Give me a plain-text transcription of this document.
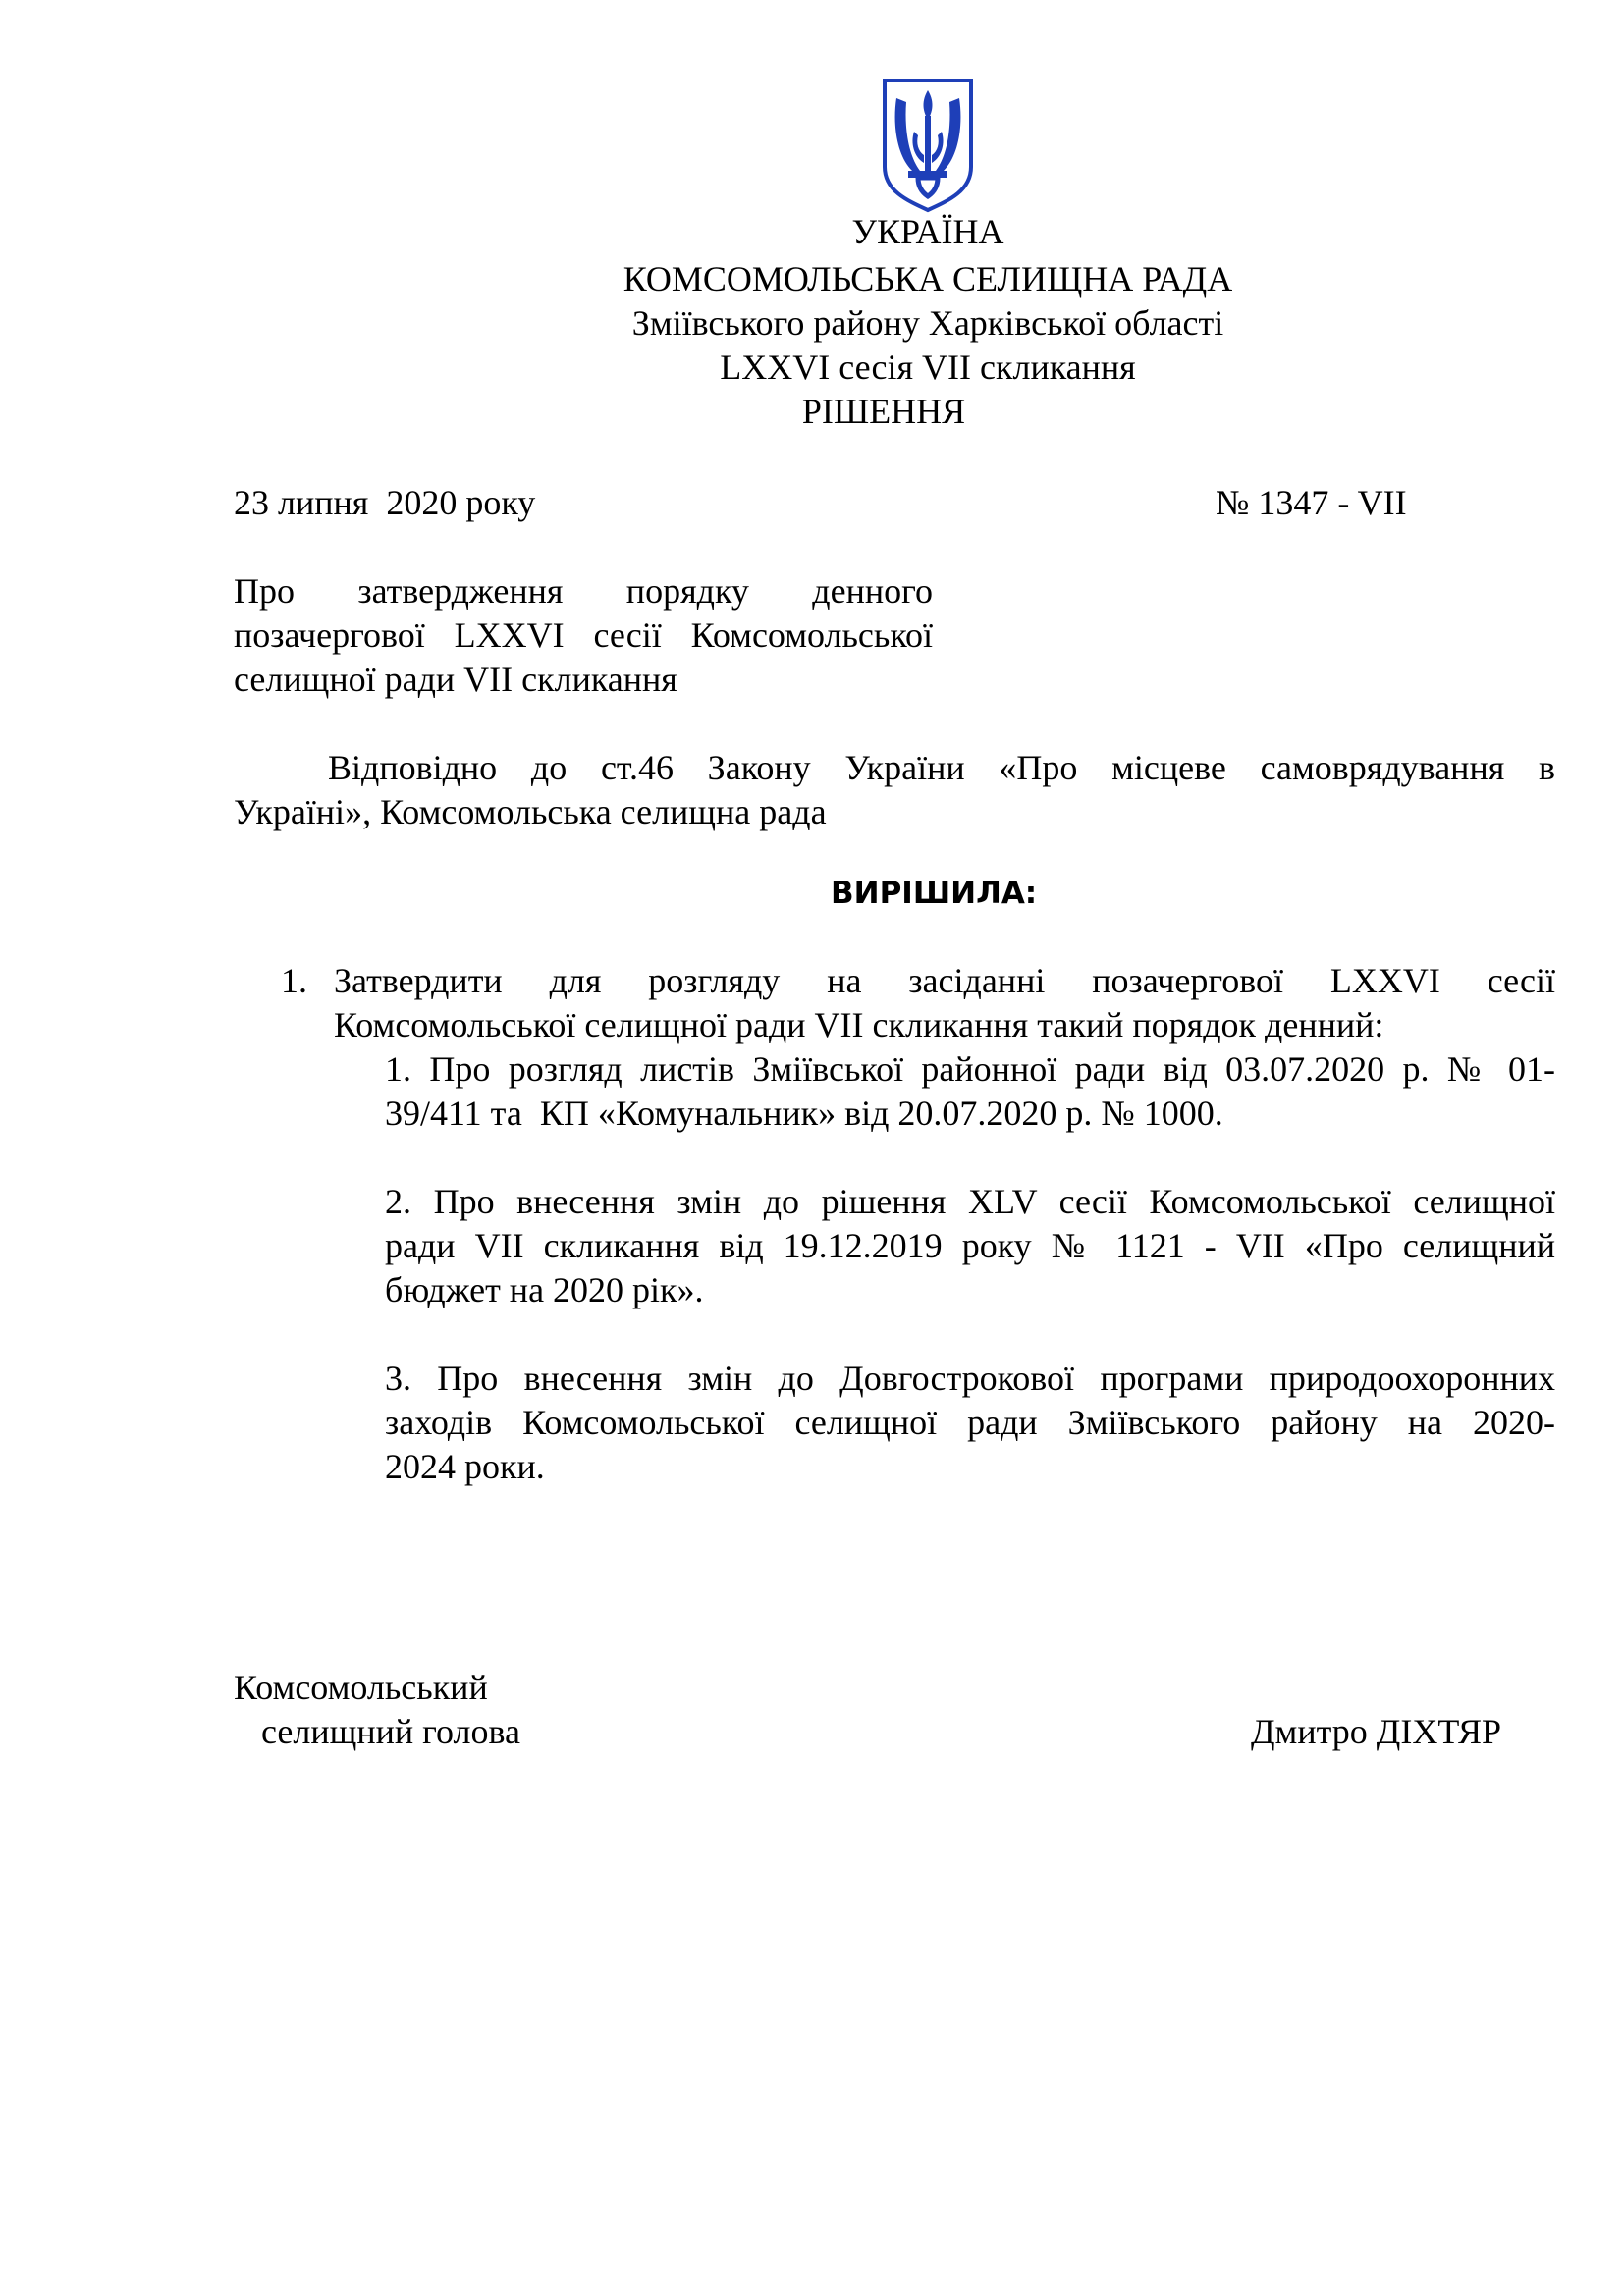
УКРАЇНА
КОМСОМОЛЬСЬКА СЕЛИЩНА РАДА
Зміївського району Харківської області
LXXVI сесія VII скликання
РІШЕННЯ
23 липня  2020 року	№ 1347 - VII
Про затвердження порядку денного
позачергової LXXVI сесії Комсомольської
селищної ради VII скликання
Відповідно до ст.46 Закону України «Про місцеве самоврядування в
Україні», Комсомольська селищна рада
ВИРІШИЛА:
1. Затвердити для розгляду на засіданні позачергової LXXVI сесії
Комсомольської селищної ради VII скликання такий порядок денний:
1. Про розгляд листів Зміївської районної ради від 03.07.2020 р. № 01-
39/411 та  КП «Комунальник» від 20.07.2020 р. № 1000.
2. Про внесення змін до рішення XLV сесії Комсомольської селищної
ради VII скликання від 19.12.2019 року № 1121 - VII «Про селищний
бюджет на 2020 рік».
3. Про внесення змін до Довгострокової програми природоохоронних
заходів Комсомольської селищної ради Зміївського району на 2020-
2024 роки.
Комсомольський
селищний голова	Дмитро ДІХТЯР
